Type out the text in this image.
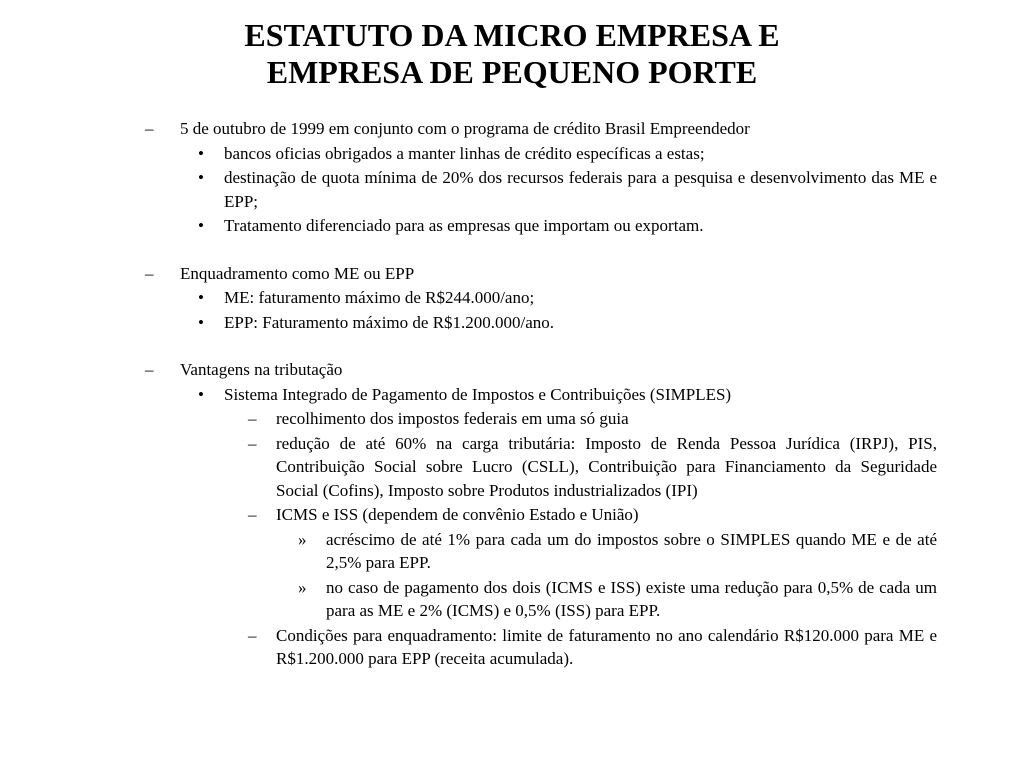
ESTATUTO DA MICRO EMPRESA E
EMPRESA DE PEQUENO PORTE
– 5 de outubro de 1999 em conjunto com o programa de crédito Brasil Empreendedor
• bancos oficias obrigados a manter linhas de crédito específicas a estas;
• destinação de quota mínima de 20% dos recursos federais para a pesquisa e desenvolvimento das ME e EPP;
• Tratamento diferenciado para as empresas que importam ou exportam.
– Enquadramento como ME ou EPP
• ME: faturamento máximo de R$244.000/ano;
• EPP: Faturamento máximo de R$1.200.000/ano.
– Vantagens na tributação
• Sistema Integrado de Pagamento de Impostos e Contribuições (SIMPLES)
– recolhimento dos impostos federais em uma só guia
– redução de até 60% na carga tributária: Imposto de Renda Pessoa Jurídica (IRPJ), PIS, Contribuição Social sobre Lucro (CSLL), Contribuição para Financiamento da Seguridade Social (Cofins), Imposto sobre Produtos industrializados (IPI)
– ICMS e ISS (dependem de convênio Estado e União)
» acréscimo de até 1% para cada um do impostos sobre o SIMPLES quando ME e de até 2,5% para EPP.
» no caso de pagamento dos dois (ICMS e ISS) existe uma redução para 0,5% de cada um para as ME e 2% (ICMS) e 0,5% (ISS) para EPP.
– Condições para enquadramento: limite de faturamento no ano calendário R$120.000 para ME e R$1.200.000 para EPP (receita acumulada).
